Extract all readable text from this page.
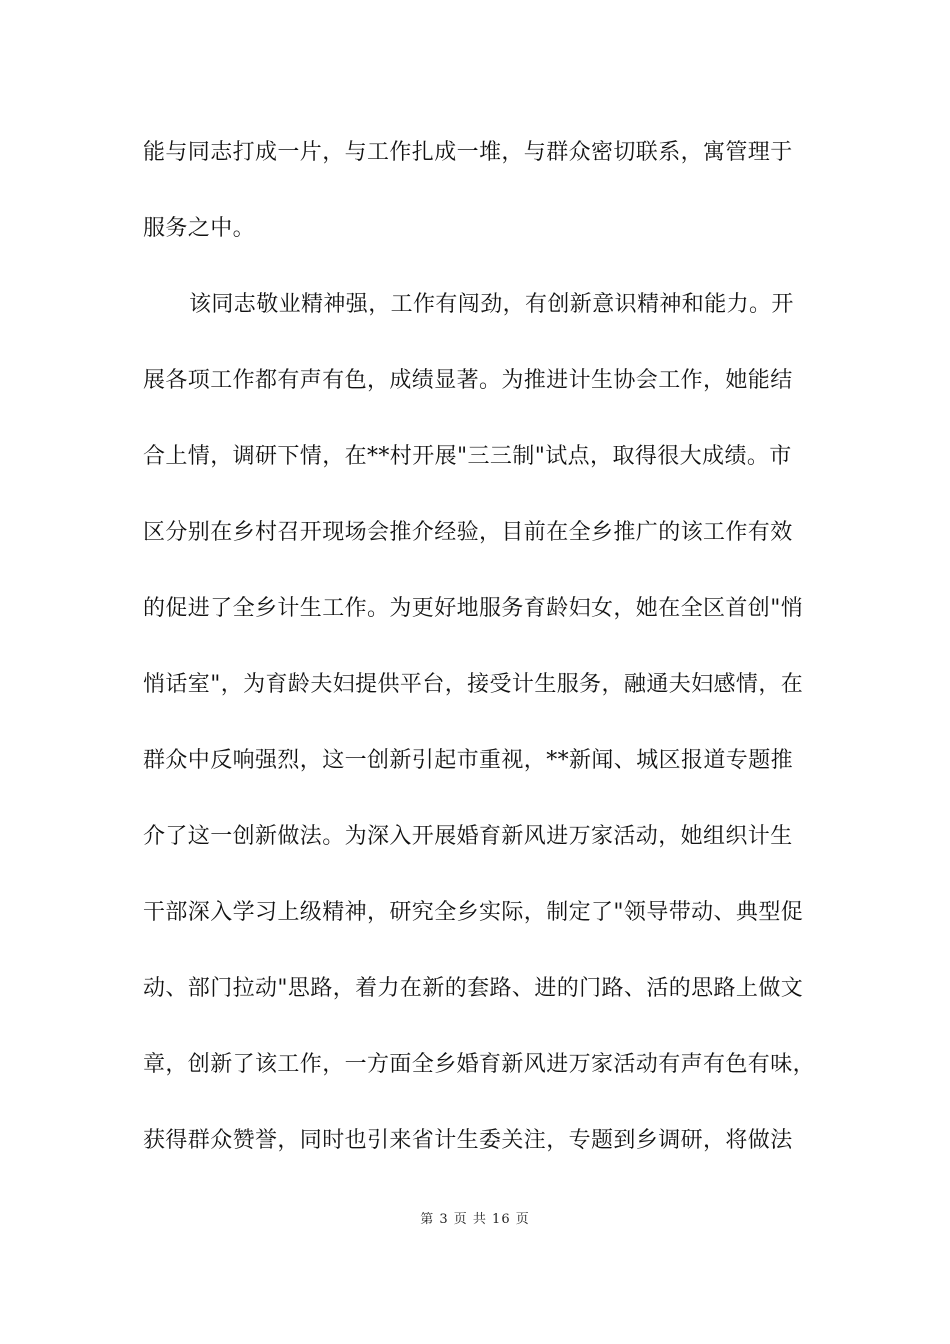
能与同志打成一片，与工作扎成一堆，与群众密切联系，寓管理于
服务之中。
该同志敬业精神强，工作有闯劲，有创新意识精神和能力。开
展各项工作都有声有色，成绩显著。为推进计生协会工作，她能结
合上情，调研下情，在**村开展"三三制"试点，取得很大成绩。市
区分别在乡村召开现场会推介经验，目前在全乡推广的该工作有效
的促进了全乡计生工作。为更好地服务育龄妇女，她在全区首创"悄
悄话室"，为育龄夫妇提供平台，接受计生服务，融通夫妇感情，在
群众中反响强烈，这一创新引起市重视，**新闻、城区报道专题推
介了这一创新做法。为深入开展婚育新风进万家活动，她组织计生
干部深入学习上级精神，研究全乡实际，制定了"领导带动、典型促
动、部门拉动"思路，着力在新的套路、进的门路、活的思路上做文
章，创新了该工作，一方面全乡婚育新风进万家活动有声有色有味，
获得群众赞誉，同时也引来省计生委关注，专题到乡调研，将做法
第 3 页 共 16 页
